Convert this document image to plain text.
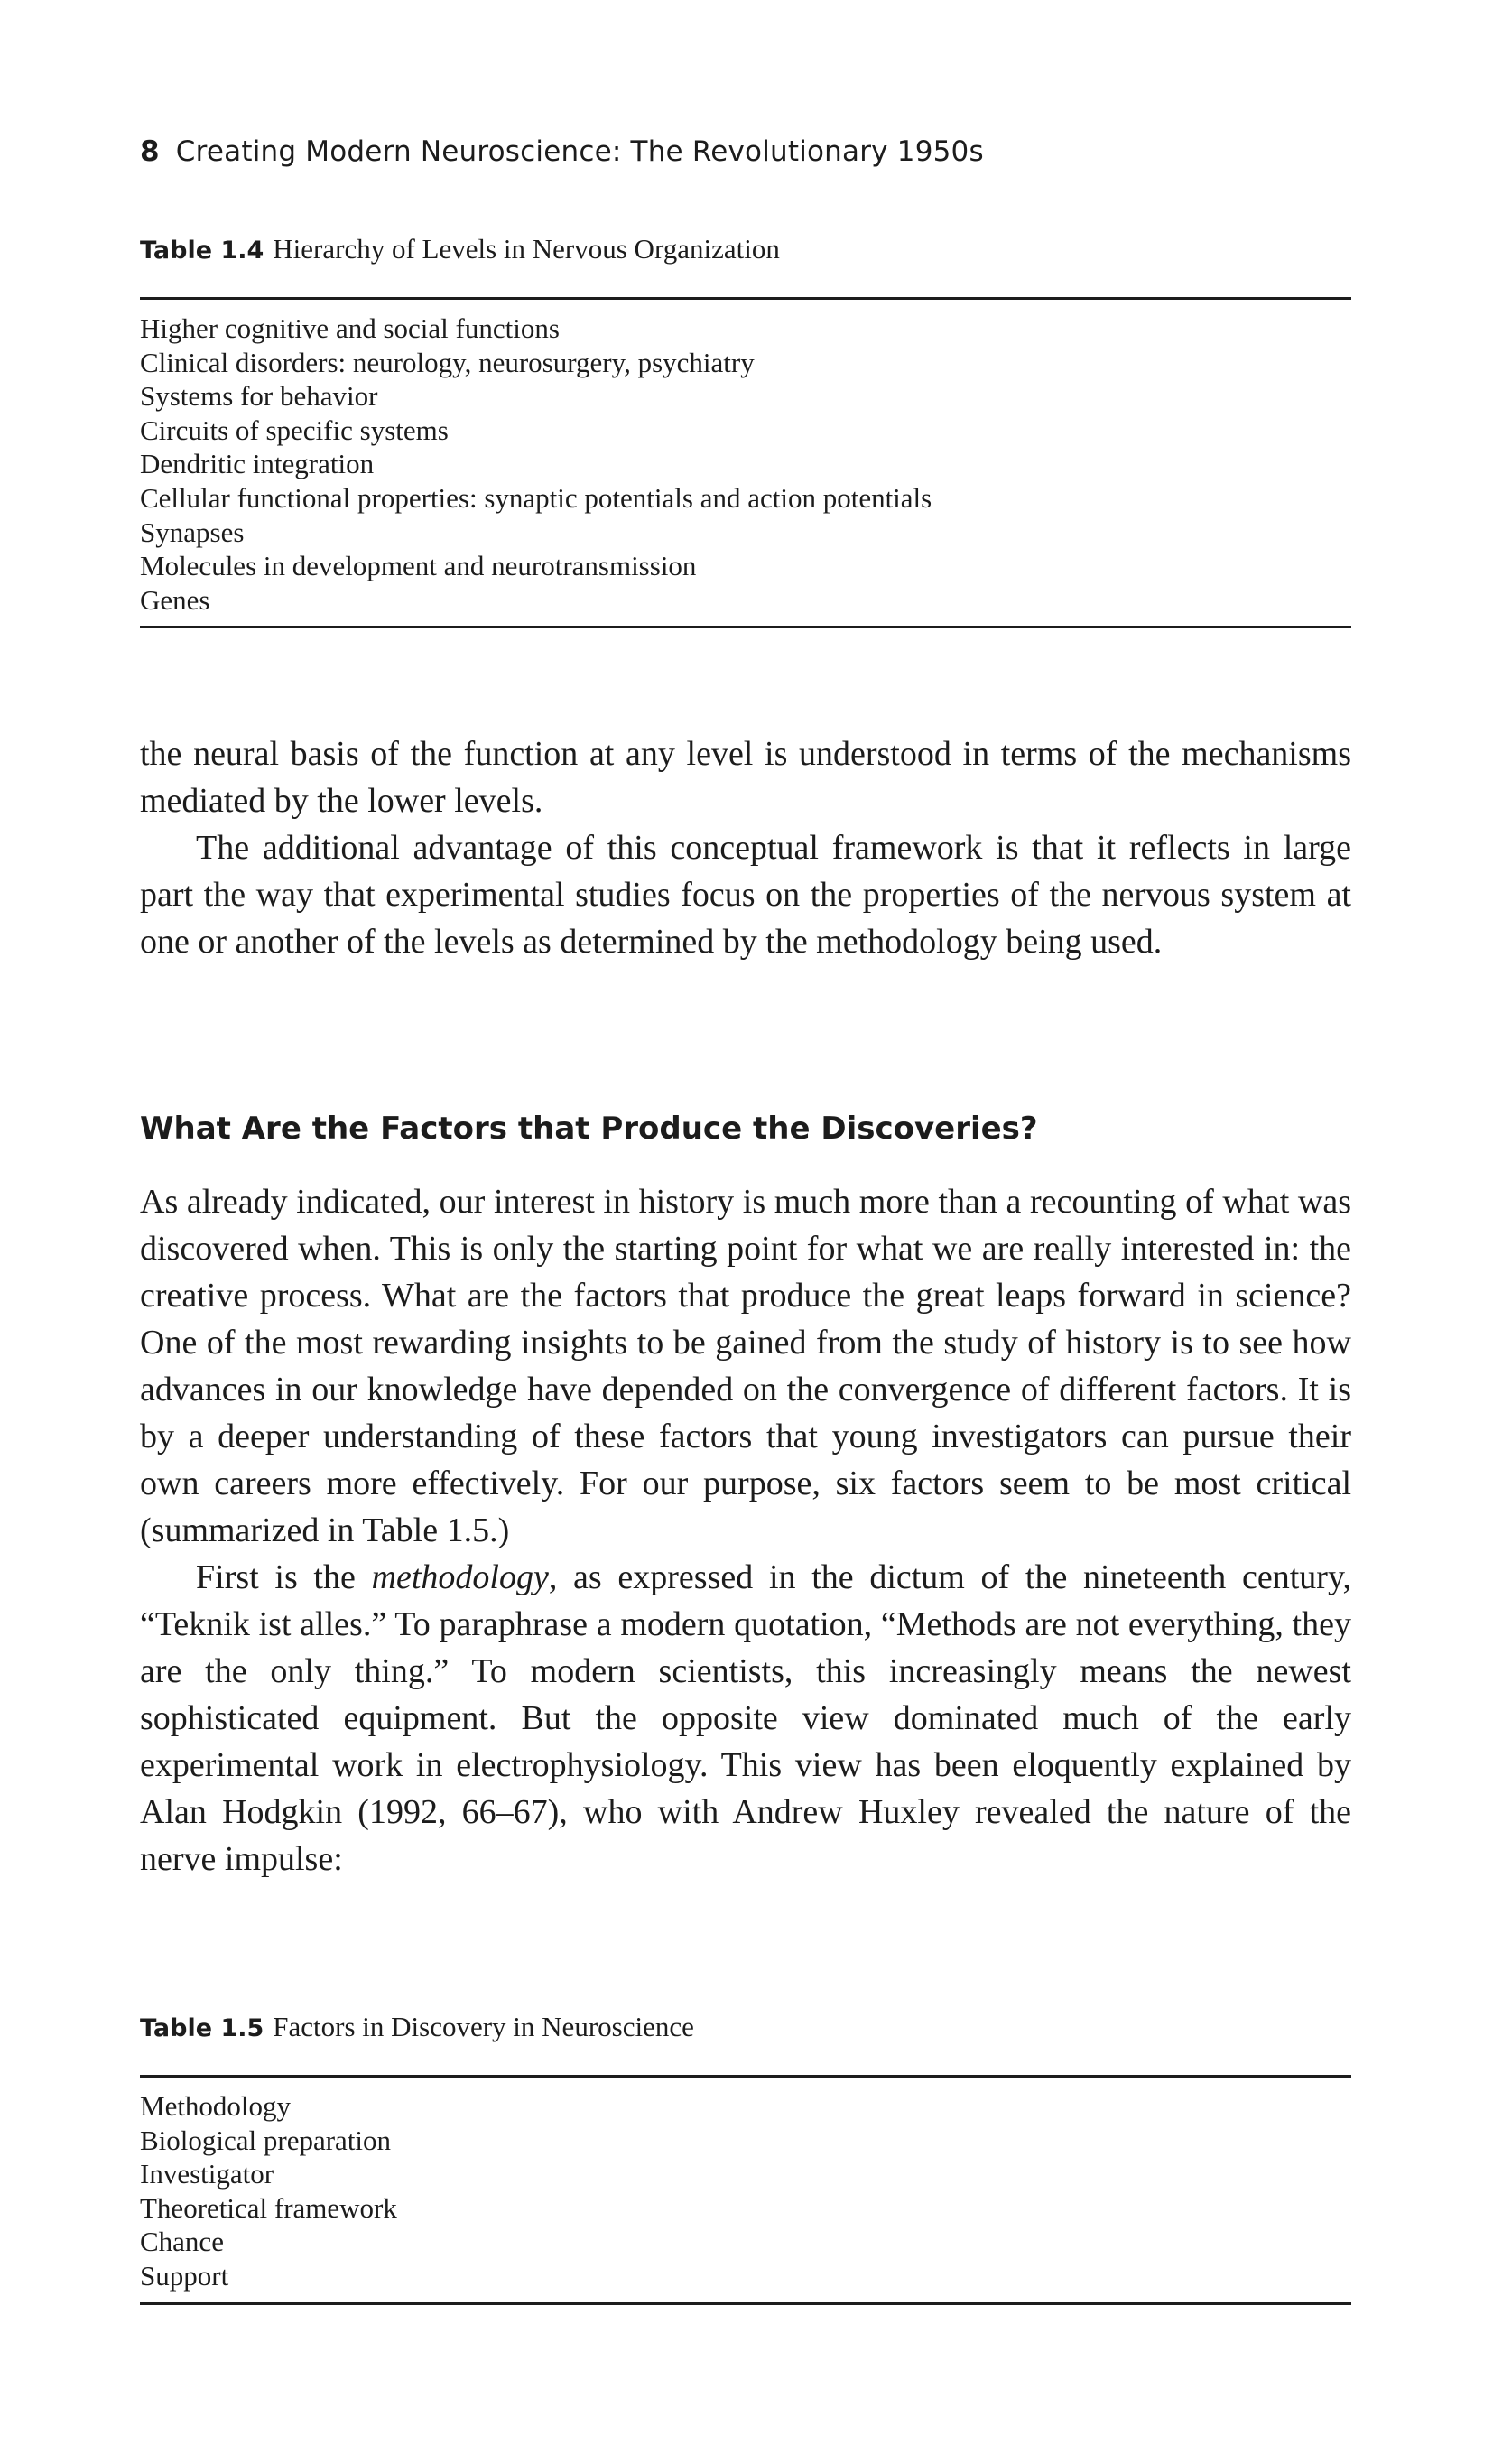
8 Creating Modern Neuroscience: The Revolutionary 1950s
Table 1.4 Hierarchy of Levels in Nervous Organization
Higher cognitive and social functions
Clinical disorders: neurology, neurosurgery, psychiatry
Systems for behavior
Circuits of specific systems
Dendritic integration
Cellular functional properties: synaptic potentials and action potentials
Synapses
Molecules in development and neurotransmission
Genes

the neural basis of the function at any level is understood in terms of the mechanisms mediated by the lower levels.

The additional advantage of this conceptual framework is that it reflects in large part the way that experimental studies focus on the properties of the nervous system at one or another of the levels as determined by the methodology being used.

What Are the Factors that Produce the Discoveries?

As already indicated, our interest in history is much more than a recounting of what was discovered when. This is only the starting point for what we are really interested in: the creative process. What are the factors that produce the great leaps forward in science? One of the most rewarding insights to be gained from the study of history is to see how advances in our knowledge have depended on the convergence of different factors. It is by a deeper understanding of these factors that young investigators can pursue their own careers more effectively. For our purpose, six factors seem to be most critical (summarized in Table 1.5.)

First is the methodology, as expressed in the dictum of the nineteenth century, “Teknik ist alles.” To paraphrase a modern quotation, “Methods are not everything, they are the only thing.” To modern scientists, this increasingly means the newest sophisticated equipment. But the opposite view dominated much of the early experimental work in electrophysiology. This view has been eloquently explained by Alan Hodgkin (1992, 66–67), who with Andrew Huxley revealed the nature of the nerve impulse:

Table 1.5 Factors in Discovery in Neuroscience
Methodology
Biological preparation
Investigator
Theoretical framework
Chance
Support
